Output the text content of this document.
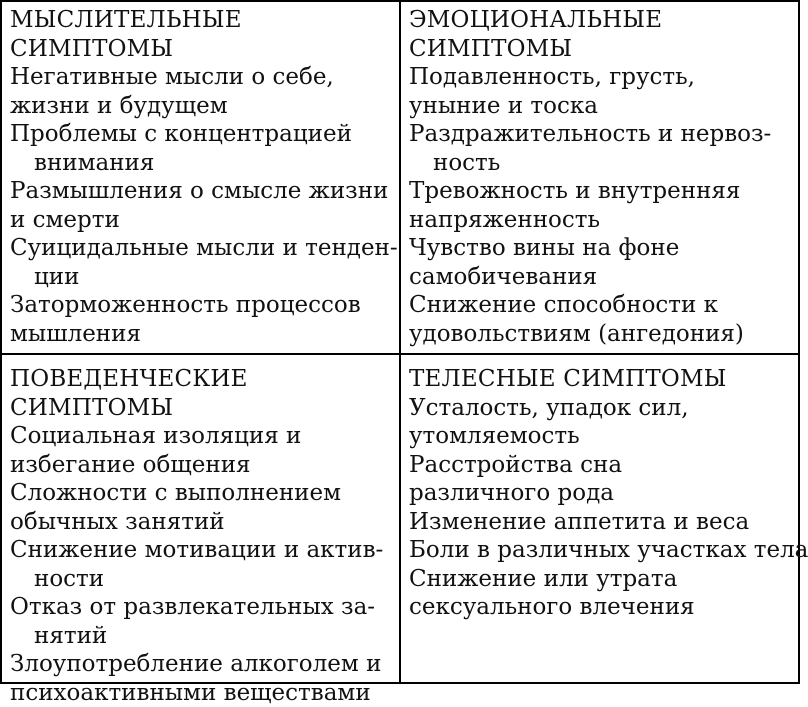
МЫСЛИТЕЛЬНЫЕ
СИМПТОМЫ

Негативные мысли о себе,
жизни и будущем

Проблемы с концентрацией
внимания

Размышления о смысле жизни
и смерти

Суицидальные мысли и тенден-
ции

Заторможенность процессов
мышления

ЭМОЦИОНАЛЬНЫЕ
СИМПТОМЫ

Подавленность, грусть,
уныние и тоска

Раздражительность и нервоз-
ность

Тревожность и внутренняя
напряженность

Чувство вины на фоне
самобичевания

Снижение способности к
удовольствиям (ангедония)

ПОВЕДЕНЧЕСКИЕ СИМПТОМЫ

Социальная изоляция и
избегание общения

Сложности с выполнением
обычных занятий

Снижение мотивации и актив-
ности

Отказ от развлекательных за-
нятий

Злоупотребление алкоголем и
психоактивными веществами

ТЕЛЕСНЫЕ СИМПТОМЫ

Усталость, упадок сил,
утомляемость

Расстройства сна
различного рода

Изменение аппетита и веса

Боли в различных участках тела

Снижение или утрата
сексуального влечения
